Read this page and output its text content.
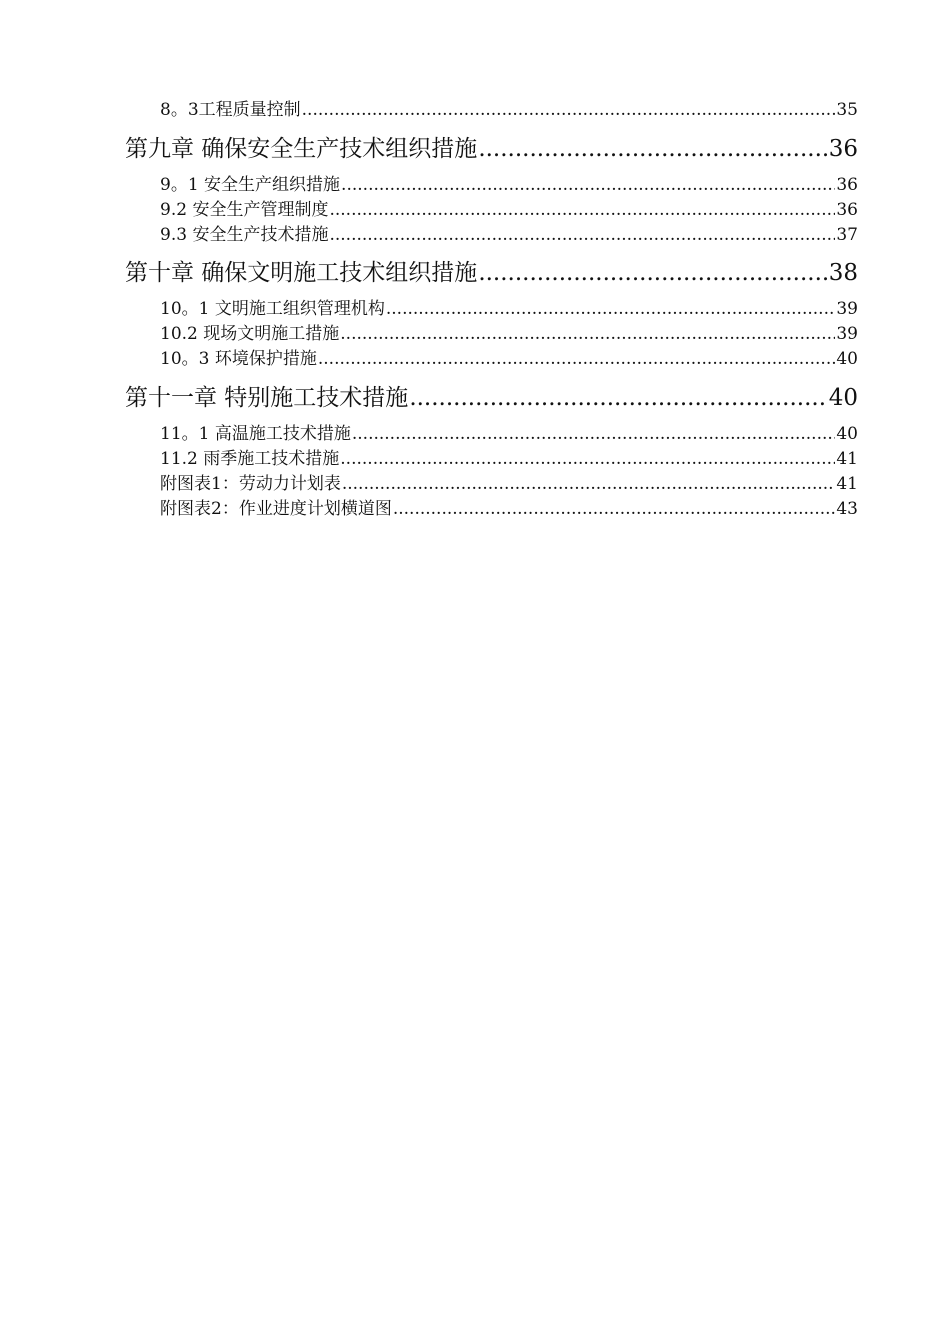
8。3工程质量控制 .....	35
第九章 确保安全生产技术组织措施 .....	36
9。1 安全生产组织措施 .....	36
9.2 安全生产管理制度 .....	36
9.3 安全生产技术措施 .....	37
第十章 确保文明施工技术组织措施 .....	38
10。1 文明施工组织管理机构 .....	39
10.2 现场文明施工措施 .....	39
10。3 环境保护措施 .....	40
第十一章 特别施工技术措施 .....	40
11。1 高温施工技术措施 .....	40
11.2 雨季施工技术措施 .....	41
附图表1：劳动力计划表 .....	41
附图表2：作业进度计划横道图 .....	43
